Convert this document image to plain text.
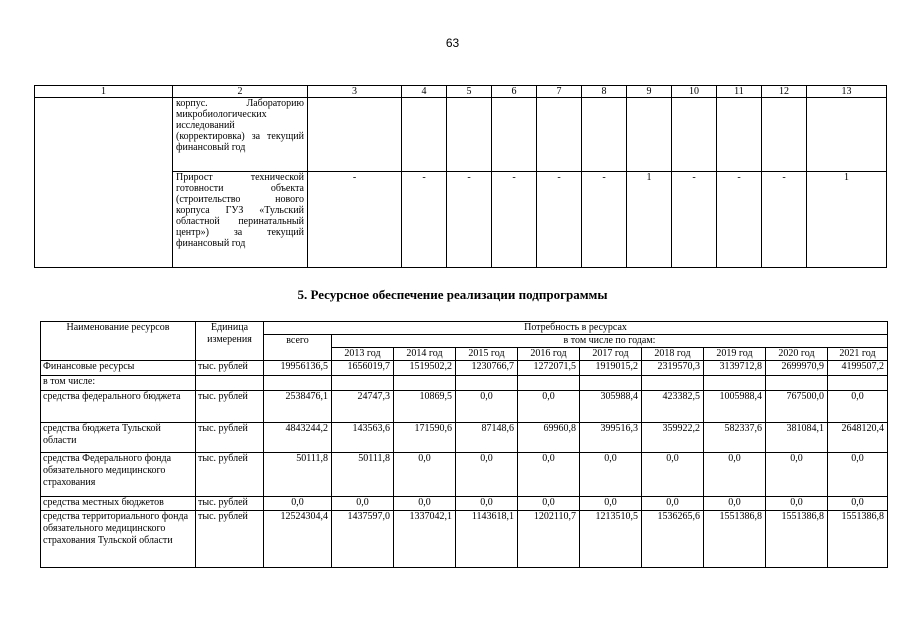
63
1	2	3	4	5	6	7	8	9	10	11	12	13
	корпус. Лабораторию микробиологических исследований (корректировка) за текущий финансовый год											
	Прирост технической готовности объекта (строительство нового корпуса ГУЗ «Тульский областной перинатальный центр») за текущий финансовый год	-	-	-	-	-	-	1	-	-	-	1
5. Ресурсное обеспечение реализации подпрограммы
Наименование ресурсов	Единица измерения	Потребность в ресурсах									
		всего	в том числе по годам:								
			2013 год	2014 год	2015 год	2016 год	2017 год	2018 год	2019 год	2020 год	2021 год
Финансовые ресурсы	тыс. рублей	19956136,5	1656019,7	1519502,2	1230766,7	1272071,5	1919015,2	2319570,3	3139712,8	2699970,9	4199507,2
в том числе:											
средства федерального бюджета	тыс. рублей	2538476,1	24747,3	10869,5	0,0	0,0	305988,4	423382,5	1005988,4	767500,0	0,0
средства бюджета Тульской области	тыс. рублей	4843244,2	143563,6	171590,6	87148,6	69960,8	399516,3	359922,2	582337,6	381084,1	2648120,4
средства Федерального фонда обязательного медицинского страхования	тыс. рублей	50111,8	50111,8	0,0	0,0	0,0	0,0	0,0	0,0	0,0	0,0
средства местных бюджетов	тыс. рублей	0,0	0,0	0,0	0,0	0,0	0,0	0,0	0,0	0,0	0,0
средства территориального фонда обязательного медицинского страхования Тульской области	тыс. рублей	12524304,4	1437597,0	1337042,1	1143618,1	1202110,7	1213510,5	1536265,6	1551386,8	1551386,8	1551386,8
